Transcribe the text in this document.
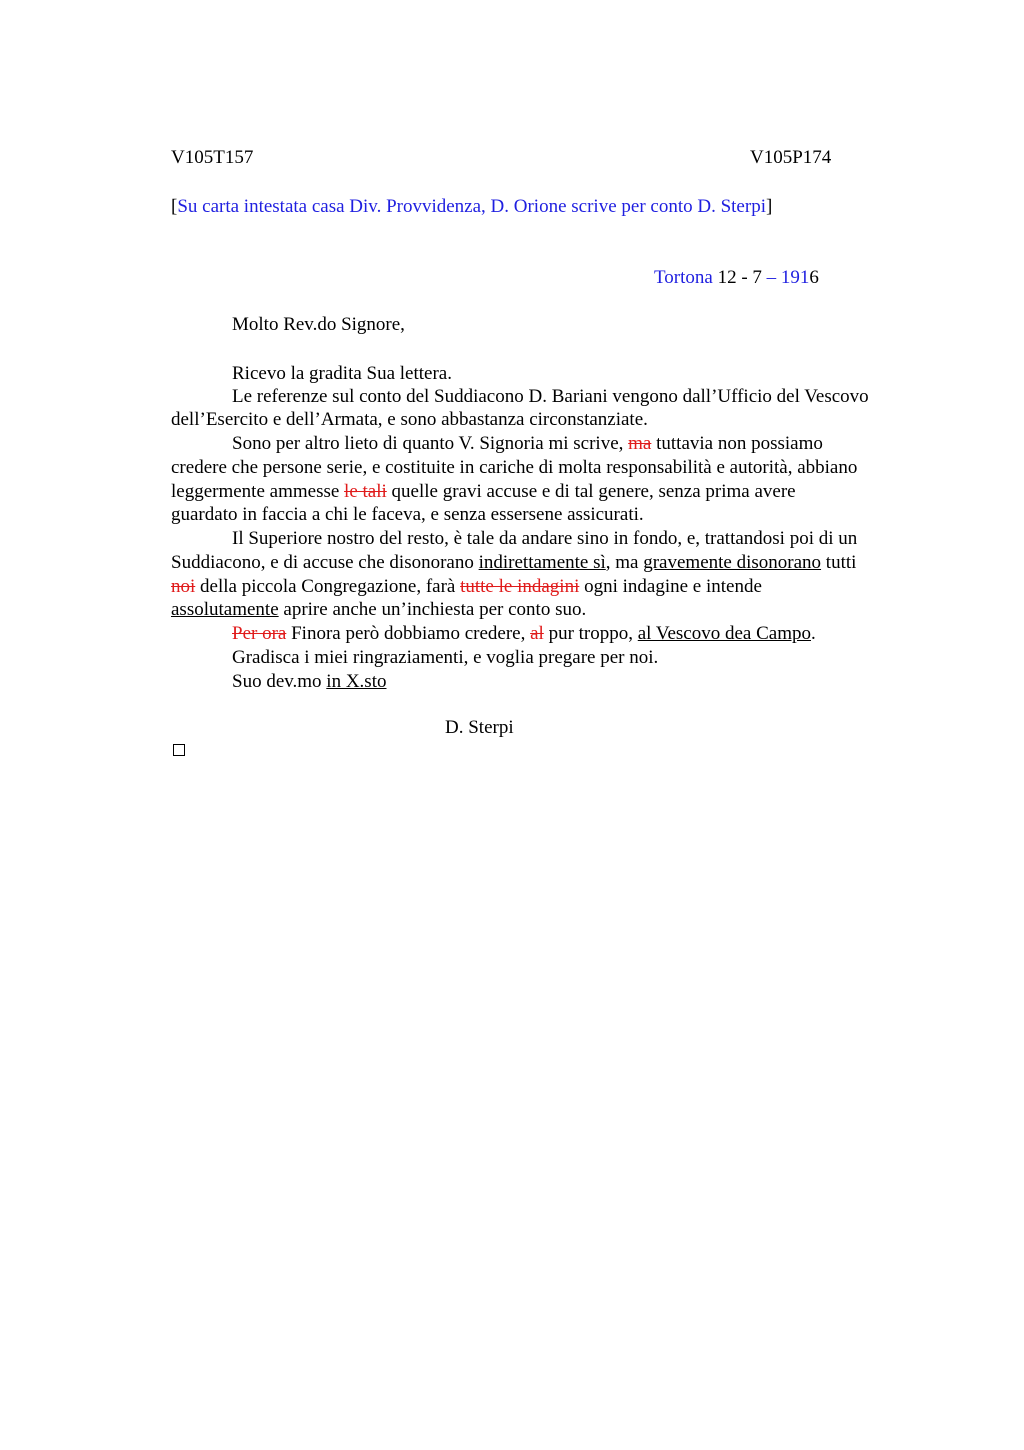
V105T157	V105P174
[Su carta intestata casa Div. Provvidenza, D. Orione scrive per conto D. Sterpi]
Tortona 12 - 7 – 1916
Molto Rev.do Signore,
Ricevo la gradita Sua lettera.
Le referenze sul conto del Suddiacono D. Bariani vengono dall’Ufficio del Vescovo
dell’Esercito e dell’Armata, e sono abbastanza circonstanziate.
Sono per altro lieto di quanto V. Signoria mi scrive, ma tuttavia non possiamo
credere che persone serie, e costituite in cariche di molta responsabilità e autorità, abbiano
leggermente ammesse le tali quelle gravi accuse e di tal genere, senza prima avere
guardato in faccia a chi le faceva, e senza essersene assicurati.
Il Superiore nostro del resto, è tale da andare sino in fondo, e, trattandosi poi di un
Suddiacono, e di accuse che disonorano indirettamente sì, ma gravemente disonorano tutti
noi della piccola Congregazione, farà tutte le indagini ogni indagine e intende
assolutamente aprire anche un’inchiesta per conto suo.
Per ora Finora però dobbiamo credere, al pur troppo, al Vescovo dea Campo.
Gradisca i miei ringraziamenti, e voglia pregare per noi.
Suo dev.mo in X.sto
D. Sterpi
